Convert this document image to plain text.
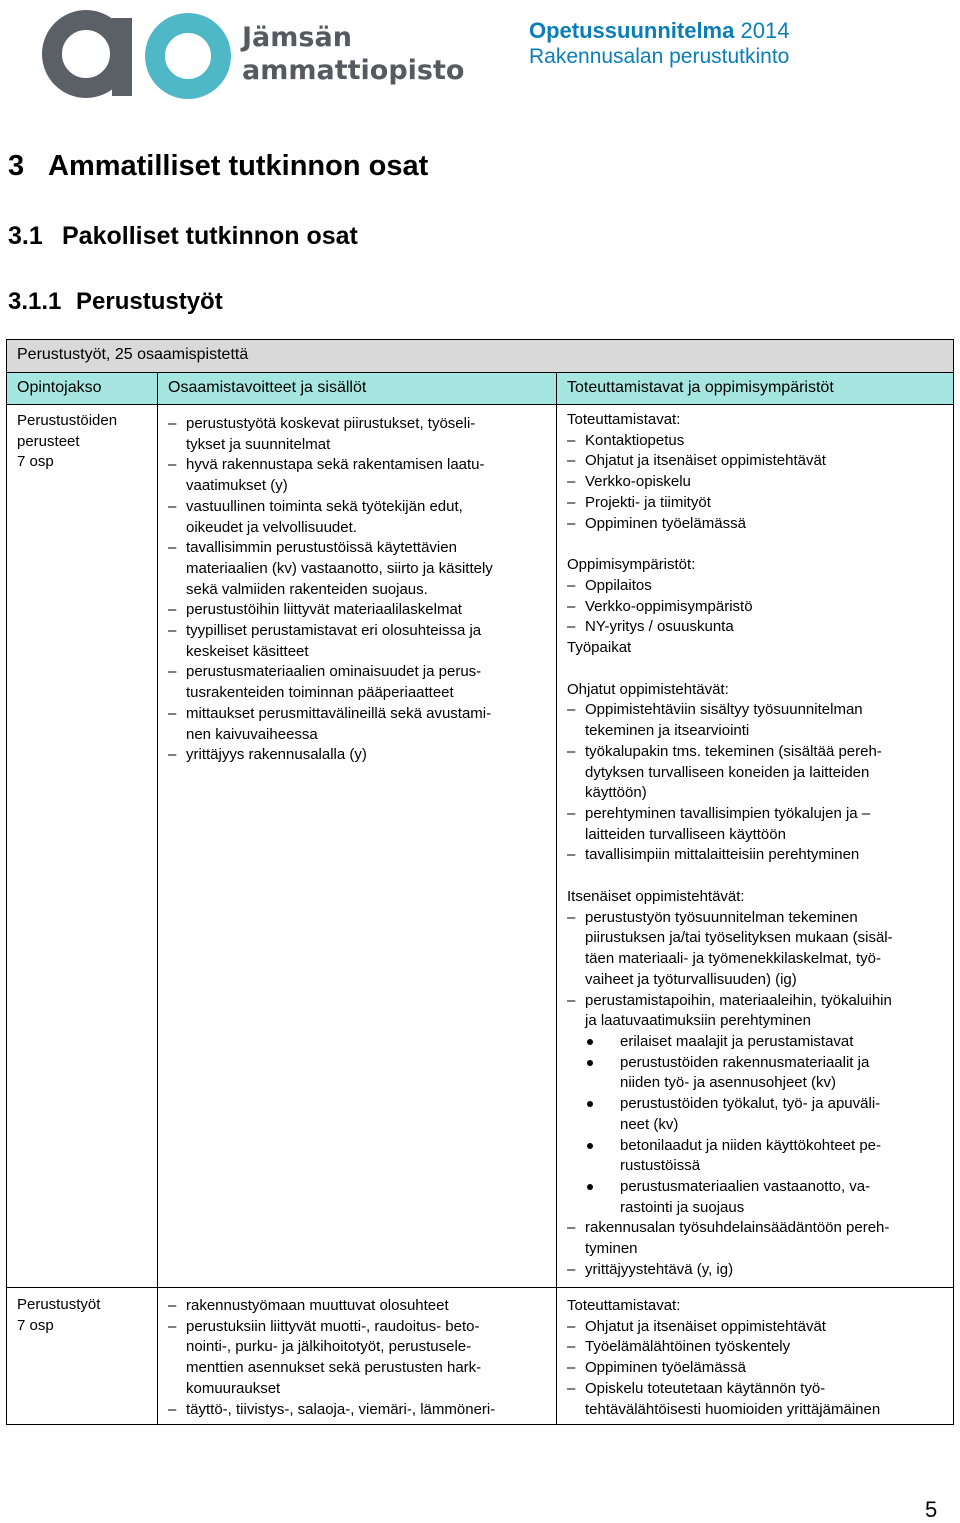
Jämsän
ammattiopisto
Opetussuunnitelma 2014
Rakennusalan perustutkinto
3 Ammatilliset tutkinnon osat
3.1 Pakolliset tutkinnon osat
3.1.1 Perustustyöt
Perustustyöt, 25 osaamispistettä
Opintojakso	Osaamistavoitteet ja sisällöt	Toteuttamistavat ja oppimisympäristöt

Perustustöiden

perusteet

7 osp

– perustustyötä koskevat piirustukset, työseli-
tykset ja suunnitelmat
– hyvä rakennustapa sekä rakentamisen laatu-
vaatimukset (y)
– vastuullinen toiminta sekä työtekijän edut,
oikeudet ja velvollisuudet.
– tavallisimmin perustustöissä käytettävien
materiaalien (kv) vastaanotto, siirto ja käsittely
sekä valmiiden rakenteiden suojaus.
– perustustöihin liittyvät materiaalilaskelmat
– tyypilliset perustamistavat eri olosuhteissa ja
keskeiset käsitteet
– perustusmateriaalien ominaisuudet ja perus-
tusrakenteiden toiminnan pääperiaatteet
– mittaukset perusmittavälineillä sekä avustami-
nen kaivuvaiheessa
– yrittäjyys rakennusalalla (y)

Toteuttamistavat:

– Kontaktiopetus
– Ohjatut ja itsenäiset oppimistehtävät
– Verkko-opiskelu
– Projekti- ja tiimityöt
– Oppiminen työelämässä

Oppimisympäristöt:

– Oppilaitos
– Verkko-oppimisympäristö
– NY-yritys / osuuskunta

Työpaikat

Ohjatut oppimistehtävät:

– Oppimistehtäviin sisältyy työsuunnitelman
tekeminen ja itsearviointi
– työkalupakin tms. tekeminen (sisältää pereh-
dytyksen turvalliseen koneiden ja laitteiden
käyttöön)
– perehtyminen tavallisimpien työkalujen ja –
laitteiden turvalliseen käyttöön
– tavallisimpiin mittalaitteisiin perehtyminen

Itsenäiset oppimistehtävät:

– perustustyön työsuunnitelman tekeminen
piirustuksen ja/tai työselityksen mukaan (sisäl-
täen materiaali- ja työmenekkilaskelmat, työ-
vaiheet ja työturvallisuuden) (ig)
– perustamistapoihin, materiaaleihin, työkaluihin
ja laatuvaatimuksiin perehtyminen
erilaiset maalajit ja perustamistavat
perustustöiden rakennusmateriaalit ja
niiden työ- ja asennusohjeet (kv)
perustustöiden työkalut, työ- ja apuväli-
neet (kv)
betonilaadut ja niiden käyttökohteet pe-
rustustöissä
perustusmateriaalien vastaanotto, va-
rastointi ja suojaus
– rakennusalan työsuhdelainsäädäntöön pereh-
tyminen
– yrittäjyystehtävä (y, ig)

Perustustyöt

7 osp

– rakennustyömaan muuttuvat olosuhteet
– perustuksiin liittyvät muotti-, raudoitus- beto-
nointi-, purku- ja jälkihoitotyöt, perustusele-
menttien asennukset sekä perustusten hark-
komuuraukset
– täyttö-, tiivistys-, salaoja-, viemäri-, lämmöneri-

Toteuttamistavat:

– Ohjatut ja itsenäiset oppimistehtävät
– Työelämälähtöinen työskentely
– Oppiminen työelämässä
– Opiskelu toteutetaan käytännön työ-
tehtävälähtöisesti huomioiden yrittäjämäinen
5
